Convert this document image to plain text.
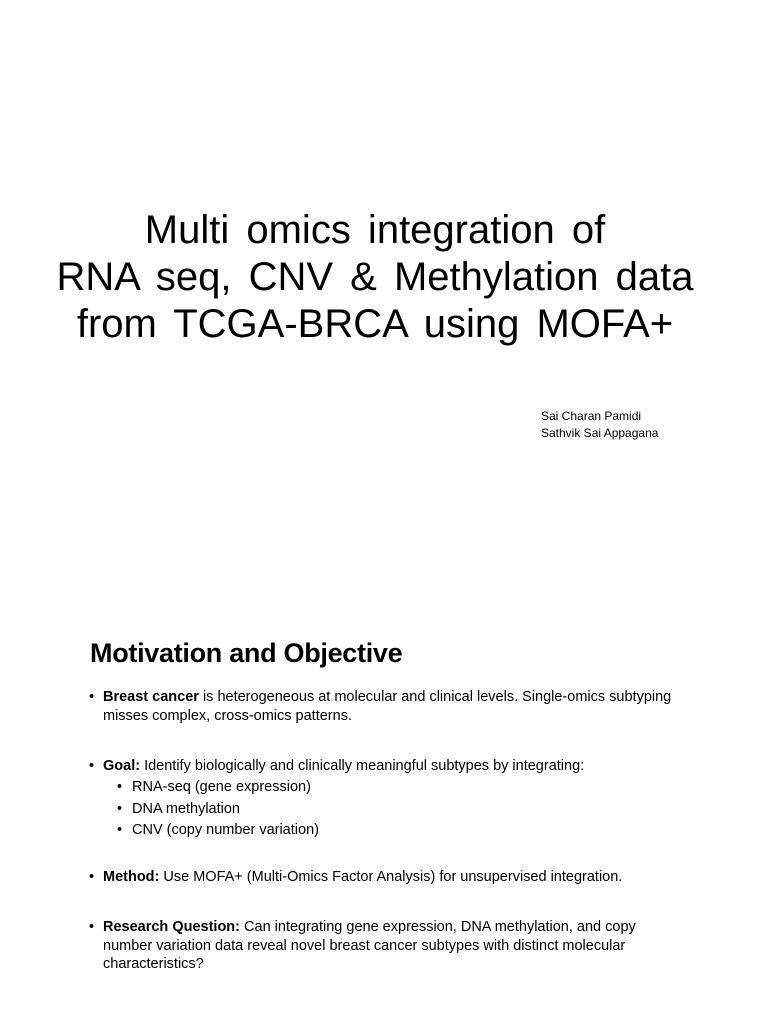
Multi omics integration of
RNA seq, CNV & Methylation data
from TCGA-BRCA using MOFA+
Sai Charan Pamidi
Sathvik Sai Appagana
Motivation and Objective
• Breast cancer is heterogeneous at molecular and clinical levels. Single-omics subtyping misses complex, cross-omics patterns.
• Goal: Identify biologically and clinically meaningful subtypes by integrating:
• RNA-seq (gene expression)
• DNA methylation
• CNV (copy number variation)
• Method: Use MOFA+ (Multi-Omics Factor Analysis) for unsupervised integration.
• Research Question: Can integrating gene expression, DNA methylation, and copy number variation data reveal novel breast cancer subtypes with distinct molecular characteristics?
